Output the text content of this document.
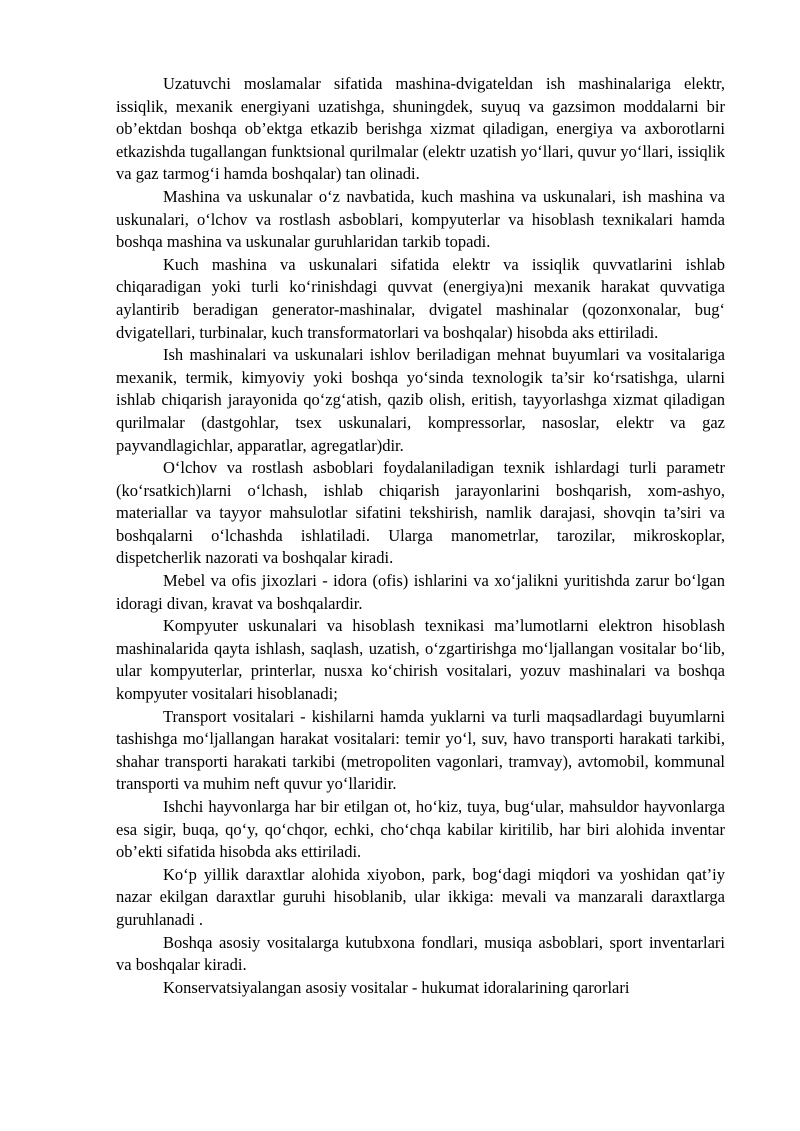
Uzatuvchi moslamalar sifatida mashina-dvigateldan ish mashinalariga elektr, issiqlik, mexanik energiyani uzatishga, shuningdek, suyuq va gazsimon moddalarni bir ob’ektdan boshqa ob’ektga etkazib berishga xizmat qiladigan, energiya va axborotlarni etkazishda tugallangan funktsional qurilmalar (elektr uzatish yo‘llari, quvur yo‘llari, issiqlik va gaz tarmog‘i hamda boshqalar) tan olinadi.

Mashina va uskunalar o‘z navbatida, kuch mashina va uskunalari, ish mashina va uskunalari, o‘lchov va rostlash asboblari, kompyuterlar va hisoblash texnikalari hamda boshqa mashina va uskunalar guruhlaridan tarkib topadi.

Kuch mashina va uskunalari sifatida elektr va issiqlik quvvatlarini ishlab chiqaradigan yoki turli ko‘rinishdagi quvvat (energiya)ni mexanik harakat quvvatiga aylantirib beradigan generator-mashinalar, dvigatel mashinalar (qozonxonalar, bug‘ dvigatellari, turbinalar, kuch transformatorlari va boshqalar) hisobda aks ettiriladi.

Ish mashinalari va uskunalari ishlov beriladigan mehnat buyumlari va vositalariga mexanik, termik, kimyoviy yoki boshqa yo‘sinda texnologik ta’sir ko‘rsatishga, ularni ishlab chiqarish jarayonida qo‘zg‘atish, qazib olish, eritish, tayyorlashga xizmat qiladigan qurilmalar (dastgohlar, tsex uskunalari, kompressorlar, nasoslar, elektr va gaz payvandlagichlar, apparatlar, agregatlar)dir.

O‘lchov va rostlash asboblari foydalaniladigan texnik ishlardagi turli parametr (ko‘rsatkich)larni o‘lchash, ishlab chiqarish jarayonlarini boshqarish, xom-ashyo, materiallar va tayyor mahsulotlar sifatini tekshirish, namlik darajasi, shovqin ta’siri va boshqalarni o‘lchashda ishlatiladi. Ularga manometrlar, tarozilar, mikroskoplar, dispetcherlik nazorati va boshqalar kiradi.

Mebel va ofis jixozlari - idora (ofis) ishlarini va xo‘jalikni yuritishda zarur bo‘lgan idoragi divan, kravat va boshqalardir.

Kompyuter uskunalari va hisoblash texnikasi ma’lumotlarni elektron hisoblash mashinalarida qayta ishlash, saqlash, uzatish, o‘zgartirishga mo‘ljallangan vositalar bo‘lib, ular kompyuterlar, printerlar, nusxa ko‘chirish vositalari, yozuv mashinalari va boshqa kompyuter vositalari hisoblanadi;

Transport vositalari - kishilarni hamda yuklarni va turli maqsadlardagi buyumlarni tashishga mo‘ljallangan harakat vositalari: temir yo‘l, suv, havo transporti harakati tarkibi, shahar transporti harakati tarkibi (metropoliten vagonlari, tramvay), avtomobil, kommunal transporti va muhim neft quvur yo‘llaridir.

Ishchi hayvonlarga har bir etilgan ot, ho‘kiz, tuya, bug‘ular, mahsuldor hayvonlarga esa sigir, buqa, qo‘y, qo‘chqor, echki, cho‘chqa kabilar kiritilib, har biri alohida inventar ob’ekti sifatida hisobda aks ettiriladi.

Ko‘p yillik daraxtlar alohida xiyobon, park, bog‘dagi miqdori va yoshidan qat’iy nazar ekilgan daraxtlar guruhi hisoblanib, ular ikkiga: mevali va manzarali daraxtlarga guruhlanadi .

Boshqa asosiy vositalarga kutubxona fondlari, musiqa asboblari, sport inventarlari va boshqalar kiradi.

Konservatsiyalangan asosiy vositalar - hukumat idoralarining qarorlari
